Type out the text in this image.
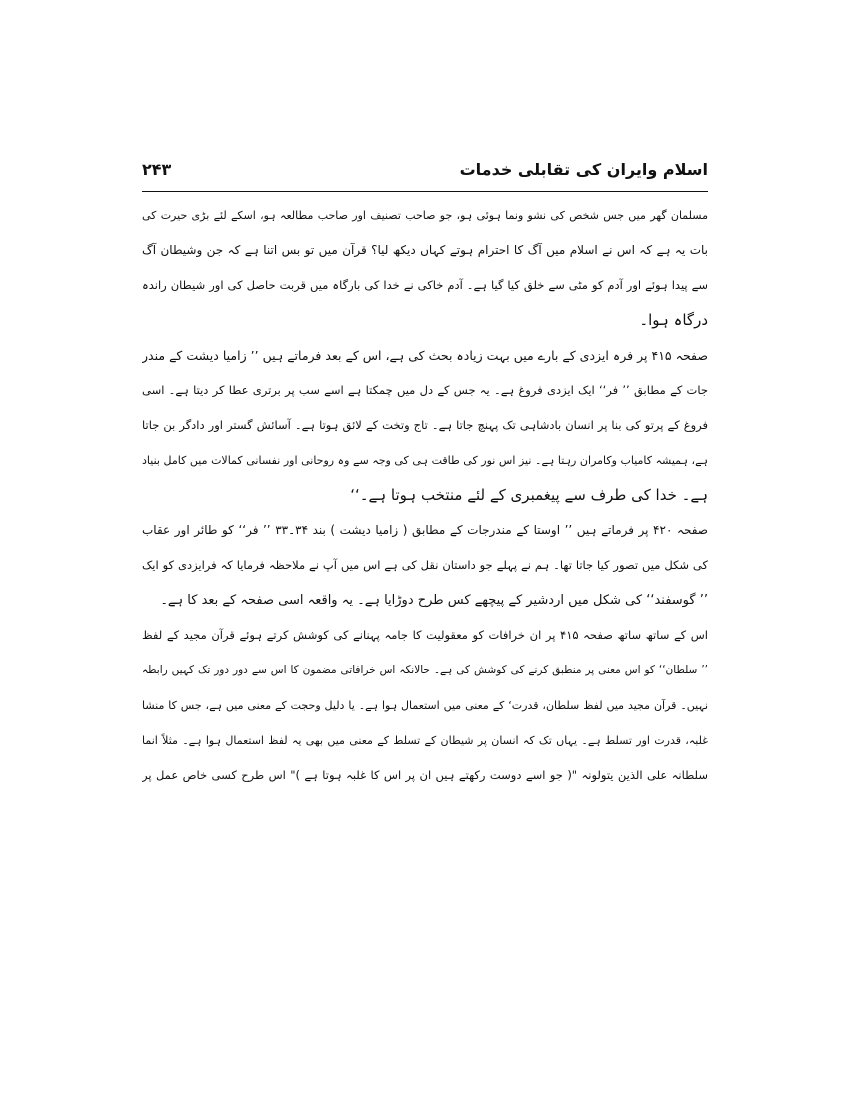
اسلام وایران کی تقابلی خدمات
۲۴۳
مسلمان گھر میں جس شخص کی نشو ونما ہوئی ہو، جو صاحب تصنیف اور صاحب مطالعہ ہو، اسکے لئے بڑی حیرت کی
بات یہ ہے کہ اس نے اسلام میں آگ کا احترام ہوتے کہاں دیکھ لیا؟ قرآن میں تو بس اتنا ہے کہ جن وشیطان آگ
سے پیدا ہوئے اور آدم کو مٹی سے خلق کیا گیا ہے۔ آدم خاکی نے خدا کی بارگاہ میں قربت حاصل کی اور شیطان راندہ
درگاہ ہوا۔
صفحہ ۴۱۵ پر فرہ ایزدی کے بارے میں بہت زیادہ بحث کی ہے، اس کے بعد فرماتے ہیں ’’ زامیا دیشت کے مندر
جات کے مطابق ’’ فر‘‘ ایک ایزدی فروغ ہے۔ یہ جس کے دل میں چمکتا ہے اسے سب پر برتری عطا کر دیتا ہے۔ اسی
فروغ کے پرتو کی بنا پر انسان بادشاہی تک پہنچ جاتا ہے۔ تاج وتخت کے لائق ہوتا ہے۔ آسائش گستر اور دادگر بن جاتا
ہے، ہمیشہ کامیاب وکامران رہتا ہے۔ نیز اس نور کی طاقت ہی کی وجہ سے وہ روحانی اور نفسانی کمالات میں کامل بنیاد
ہے۔ خدا کی طرف سے پیغمبری کے لئے منتخب ہوتا ہے۔‘‘
صفحہ ۴۲۰ پر فرماتے ہیں ’’ اوستا کے مندرجات کے مطابق ( زامیا دیشت ) بند ۳۴۔۳۳ ’’ فر‘‘ کو طائر اور عقاب
کی شکل میں تصور کیا جاتا تھا۔ ہم نے پہلے جو داستان نقل کی ہے اس میں آپ نے ملاحظہ فرمایا کہ فرایزدی کو ایک
’’ گوسفند‘‘ کی شکل میں اردشیر کے پیچھے کس طرح دوڑایا ہے۔ یہ واقعہ اسی صفحہ کے بعد کا ہے۔
اس کے ساتھ ساتھ صفحہ ۴۱۵ پر ان خرافات کو معقولیت کا جامہ پہنانے کی کوشش کرتے ہوئے قرآن مجید کے لفظ
’’ سلطان‘‘ کو اس معنی پر منطبق کرنے کی کوشش کی ہے۔ حالانکہ اس خرافاتی مضمون کا اس سے دور دور تک کہیں رابطہ
نہیں۔ قرآن مجید میں لفظ سلطان، قدرت‘ کے معنی میں استعمال ہوا ہے۔ یا دلیل وحجت کے معنی میں ہے، جس کا منشا
غلبہ، قدرت اور تسلط ہے۔ یہاں تک کہ انسان پر شیطان کے تسلط کے معنی میں بھی یہ لفظ استعمال ہوا ہے۔ مثلاً انما
سلطانہ علی الذین یتولونہ "( جو اسے دوست رکھتے ہیں ان پر اس کا غلبہ ہوتا ہے )" اس طرح کسی خاص عمل پر
